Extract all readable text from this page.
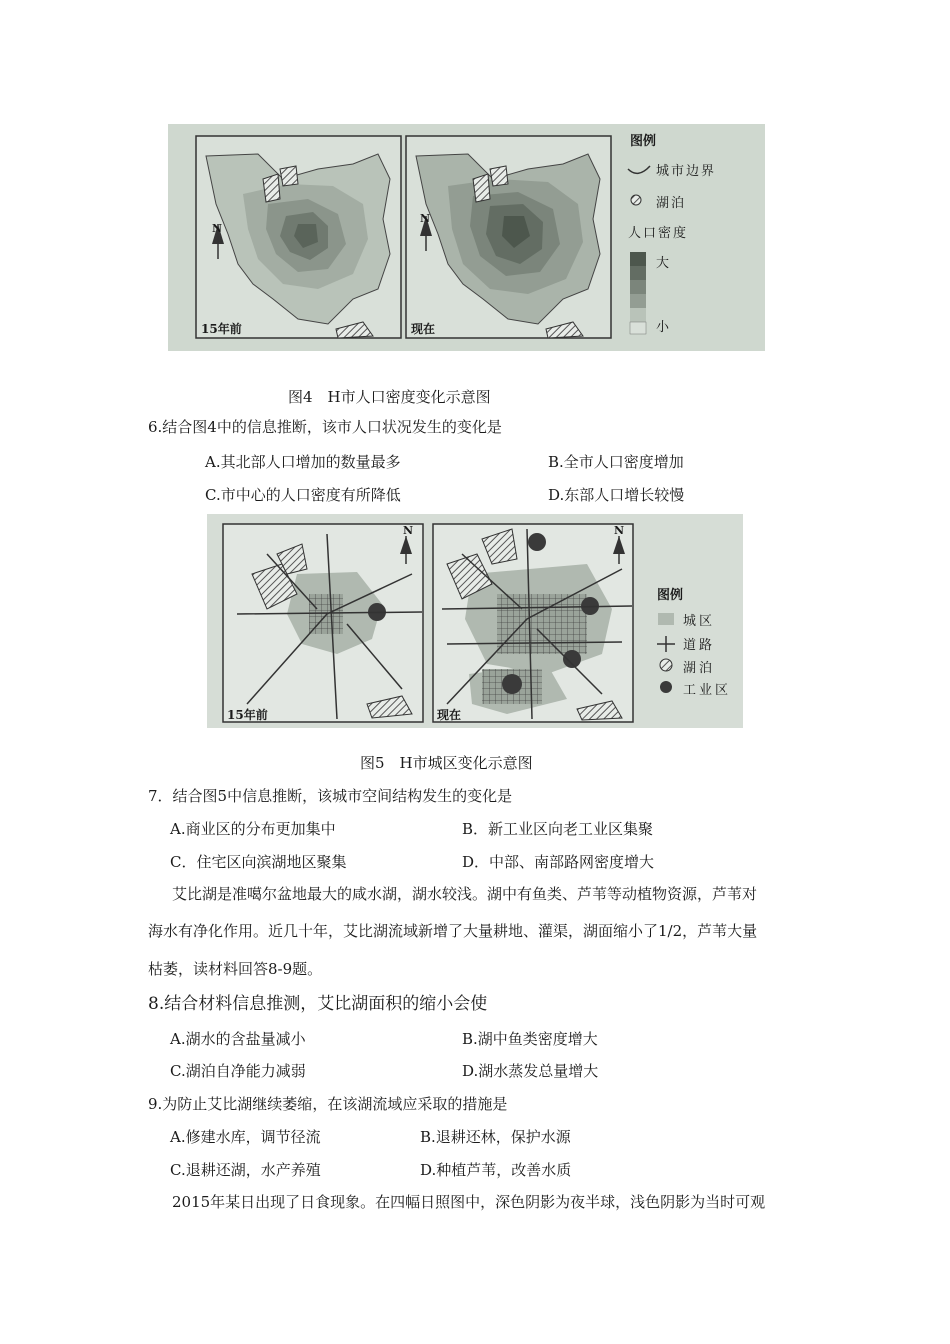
N
N
15年前	现在
图例
城市边界
湖泊
人口密度
大
小
图4　H市人口密度变化示意图
6.结合图4中的信息推断，该市人口状况发生的变化是
A.其北部人口增加的数量最多	B.全市人口密度增加
C.市中心的人口密度有所降低	D.东部人口增长较慢
N	N
15年前	现在
图例
城区
道路
湖泊
工业区
图5　H市城区变化示意图
7．结合图5中信息推断，该城市空间结构发生的变化是
A.商业区的分布更加集中	B．新工业区向老工业区集聚
C．住宅区向滨湖地区聚集	D．中部、南部路网密度增大
艾比湖是准噶尔盆地最大的咸水湖，湖水较浅。湖中有鱼类、芦苇等动植物资源，芦苇对
海水有净化作用。近几十年，艾比湖流域新增了大量耕地、灌渠，湖面缩小了1/2，芦苇大量
枯萎，读材料回答8-9题。
8.结合材料信息推测，艾比湖面积的缩小会使
A.湖水的含盐量减小	B.湖中鱼类密度增大
C.湖泊自净能力减弱	D.湖水蒸发总量增大
9.为防止艾比湖继续萎缩，在该湖流域应采取的措施是
A.修建水库，调节径流	B.退耕还林，保护水源
C.退耕还湖，水产养殖	D.种植芦苇，改善水质
2015年某日出现了日食现象。在四幅日照图中，深色阴影为夜半球，浅色阴影为当时可观
